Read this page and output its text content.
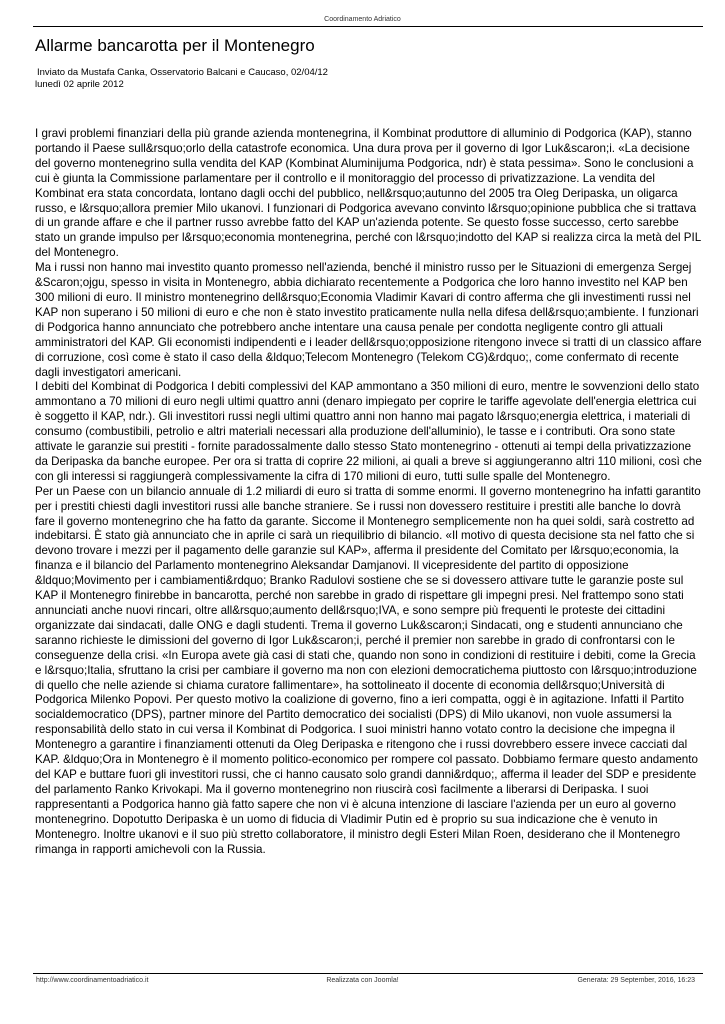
Coordinamento Adriatico
Allarme bancarotta per il Montenegro
Inviato da Mustafa Canka, Osservatorio Balcani e Caucaso, 02/04/12
lunedì 02 aprile 2012
I gravi problemi finanziari della più grande azienda montenegrina, il Kombinat produttore di alluminio di Podgorica (KAP), stanno portando il Paese sull&rsquo;orlo della catastrofe economica. Una dura prova per il governo di Igor Luk&scaron;i. «La decisione del governo montenegrino sulla vendita del KAP (Kombinat Aluminijuma Podgorica, ndr) è stata pessima». Sono le conclusioni a cui è giunta la Commissione parlamentare per il controllo e il monitoraggio del processo di privatizzazione. La vendita del Kombinat era stata concordata, lontano dagli occhi del pubblico, nell&rsquo;autunno del 2005 tra Oleg Deripaska, un oligarca russo, e l&rsquo;allora premier Milo ukanovi. I funzionari di Podgorica avevano convinto l&rsquo;opinione pubblica che si trattava di un grande affare e che il partner russo avrebbe fatto del KAP un'azienda potente. Se questo fosse successo, certo sarebbe stato un grande impulso per l&rsquo;economia montenegrina, perché con l&rsquo;indotto del KAP si realizza circa la metà del PIL del Montenegro.
Ma i russi non hanno mai investito quanto promesso nell'azienda, benché il ministro russo per le Situazioni di emergenza Sergej &Scaron;ojgu, spesso in visita in Montenegro, abbia dichiarato recentemente a Podgorica che loro hanno investito nel KAP ben 300 milioni di euro. Il ministro montenegrino dell&rsquo;Economia Vladimir Kavari di contro afferma che gli investimenti russi nel KAP non superano i 50 milioni di euro e che non è stato investito praticamente nulla nella difesa dell&rsquo;ambiente. I funzionari di Podgorica hanno annunciato che potrebbero anche intentare una causa penale per condotta negligente contro gli attuali amministratori del KAP. Gli economisti indipendenti e i leader dell&rsquo;opposizione ritengono invece si tratti di un classico affare di corruzione, così come è stato il caso della &ldquo;Telecom Montenegro (Telekom CG)&rdquo;, come confermato di recente dagli investigatori americani.
I debiti del Kombinat di Podgorica I debiti complessivi del KAP ammontano a 350 milioni di euro, mentre le sovvenzioni dello stato ammontano a 70 milioni di euro negli ultimi quattro anni (denaro impiegato per coprire le tariffe agevolate dell'energia elettrica cui è soggetto il KAP, ndr.). Gli investitori russi negli ultimi quattro anni non hanno mai pagato l&rsquo;energia elettrica, i materiali di consumo (combustibili, petrolio e altri materiali necessari alla produzione dell'alluminio), le tasse e i contributi. Ora sono state attivate le garanzie sui prestiti - fornite paradossalmente dallo stesso Stato montenegrino - ottenuti ai tempi della privatizzazione da Deripaska da banche europee. Per ora si tratta di coprire 22 milioni, ai quali a breve si aggiungeranno altri 110 milioni, così che con gli interessi si raggiungerà complessivamente la cifra di 170 milioni di euro, tutti sulle spalle del Montenegro.
Per un Paese con un bilancio annuale di 1.2 miliardi di euro si tratta di somme enormi. Il governo montenegrino ha infatti garantito per i prestiti chiesti dagli investitori russi alle banche straniere. Se i russi non dovessero restituire i prestiti alle banche lo dovrà fare il governo montenegrino che ha fatto da garante. Siccome il Montenegro semplicemente non ha quei soldi, sarà costretto ad indebitarsi. È stato già annunciato che in aprile ci sarà un riequilibrio di bilancio. «Il motivo di questa decisione sta nel fatto che si devono trovare i mezzi per il pagamento delle garanzie sul KAP», afferma il presidente del Comitato per l&rsquo;economia, la finanza e il bilancio del Parlamento montenegrino Aleksandar Damjanovi. Il vicepresidente del partito di opposizione &ldquo;Movimento per i cambiamenti&rdquo; Branko Radulovi sostiene che se si dovessero attivare tutte le garanzie poste sul KAP il Montenegro finirebbe in bancarotta, perché non sarebbe in grado di rispettare gli impegni presi. Nel frattempo sono stati annunciati anche nuovi rincari, oltre all&rsquo;aumento dell&rsquo;IVA, e sono sempre più frequenti le proteste dei cittadini organizzate dai sindacati, dalle ONG e dagli studenti. Trema il governo Luk&scaron;i Sindacati, ong e studenti annunciano che saranno richieste le dimissioni del governo di Igor Luk&scaron;i, perché il premier non sarebbe in grado di confrontarsi con le conseguenze della crisi. «In Europa avete già casi di stati che, quando non sono in condizioni di restituire i debiti, come la Grecia e l&rsquo;Italia, sfruttano la crisi per cambiare il governo ma non con elezioni democratichema piuttosto con l&rsquo;introduzione di quello che nelle aziende si chiama curatore fallimentare», ha sottolineato il docente di economia dell&rsquo;Università di Podgorica Milenko Popovi. Per questo motivo la coalizione di governo, fino a ieri compatta, oggi è in agitazione. Infatti il Partito socialdemocratico (DPS), partner minore del Partito democratico dei socialisti (DPS) di Milo ukanovi, non vuole assumersi la responsabilità dello stato in cui versa il Kombinat di Podgorica. I suoi ministri hanno votato contro la decisione che impegna il Montenegro a garantire i finanziamenti ottenuti da Oleg Deripaska e ritengono che i russi dovrebbero essere invece cacciati dal KAP. &ldquo;Ora in Montenegro è il momento politico-economico per rompere col passato. Dobbiamo fermare questo andamento del KAP e buttare fuori gli investitori russi, che ci hanno causato solo grandi danni&rdquo;, afferma il leader del SDP e presidente del parlamento Ranko Krivokapi. Ma il governo montenegrino non riuscirà così facilmente a liberarsi di Deripaska. I suoi rappresentanti a Podgorica hanno già fatto sapere che non vi è alcuna intenzione di lasciare l'azienda per un euro al governo montenegrino. Dopotutto Deripaska è un uomo di fiducia di Vladimir Putin ed è proprio su sua indicazione che è venuto in Montenegro. Inoltre ukanovi e il suo più stretto collaboratore, il ministro degli Esteri Milan Roen, desiderano che il Montenegro rimanga in rapporti amichevoli con la Russia.
http://www.coordinamentoadriatico.it	Realizzata con Joomla!	Generata: 29 September, 2016, 16:23
